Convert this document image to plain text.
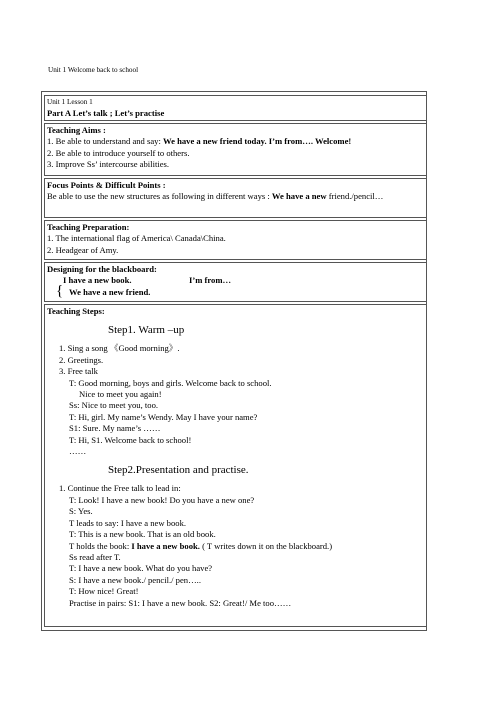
Unit 1 Welcome back to school
Unit 1 Lesson 1
Part A Let’s talk ; Let’s practise
Teaching Aims :
1. Be able to understand and say: We have a new friend today. I’m from…. Welcome!
2. Be able to introduce yourself to others.
3. Improve Ss’ intercourse abilities.
Focus Points & Difficult Points :
Be able to use the new structures as following in different ways : We have a new friend./pencil…
Teaching Preparation:
1. The international flag of America\ Canada\China.
2. Headgear of Amy.
Designing for the blackboard:
I have a new book.	I’m from…
{ We have a new friend.
Teaching Steps:
Step1. Warm –up
1. Sing a song 《Good morning》.
2. Greetings.
3. Free talk
T: Good morning, boys and girls. Welcome back to school.
Nice to meet you again!
Ss: Nice to meet you, too.
T: Hi, girl. My name’s Wendy. May I have your name?
S1: Sure. My name’s ……
T: Hi, S1. Welcome back to school!
……
Step2.Presentation and practise.
1. Continue the Free talk to lead in:
T: Look! I have a new book! Do you have a new one?
S: Yes.
T leads to say: I have a new book.
T: This is a new book. That is an old book.
T holds the book: I have a new book. ( T writes down it on the blackboard.)
Ss read after T.
T: I have a new book. What do you have?
S: I have a new book./ pencil./ pen…..
T: How nice! Great!
Practise in pairs: S1: I have a new book. S2: Great!/ Me too……
